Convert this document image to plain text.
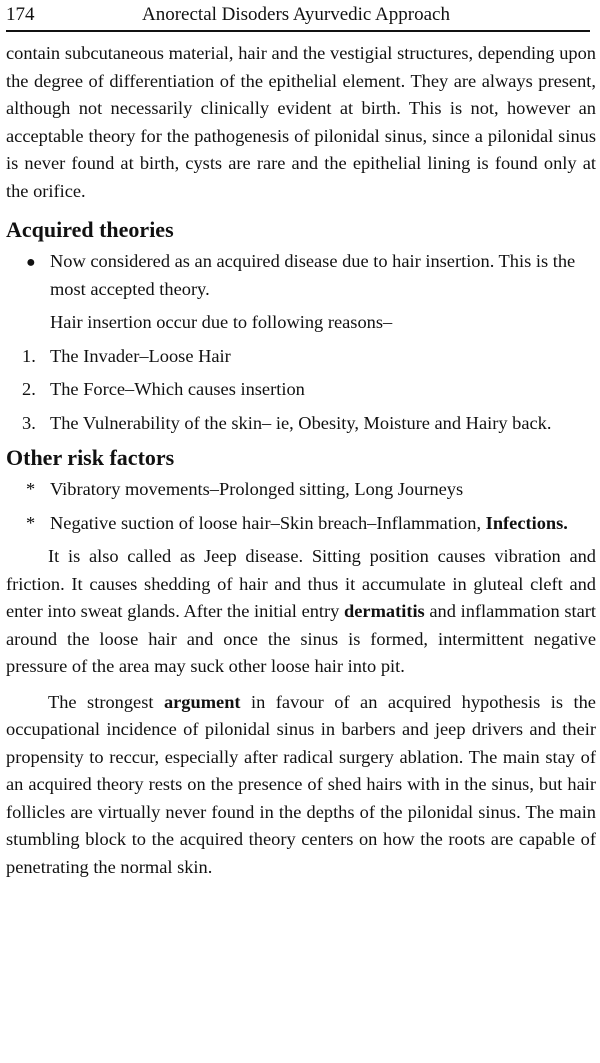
174	Anorectal Disoders Ayurvedic Approach

contain subcutaneous material, hair and the vestigial structures, depending upon the degree of differentiation of the epithelial element. They are always present, although not necessarily clinically evident at birth. This is not, however an acceptable theory for the pathogenesis of pilonidal sinus, since a pilonidal sinus is never found at birth, cysts are rare and the epithelial lining is found only at the orifice.

Acquired theories
● Now considered as an acquired disease due to hair insertion. This is the most accepted theory.
Hair insertion occur due to following reasons–
1. The Invader–Loose Hair
2. The Force–Which causes insertion
3. The Vulnerability of the skin– ie, Obesity, Moisture and Hairy back.
Other risk factors
* Vibratory movements–Prolonged sitting, Long Journeys
* Negative suction of loose hair–Skin breach–Inflammation, Infections.

It is also called as Jeep disease. Sitting position causes vibration and friction. It causes shedding of hair and thus it accumulate in gluteal cleft and enter into sweat glands. After the initial entry dermatitis and inflammation start around the loose hair and once the sinus is formed, intermittent negative pressure of the area may suck other loose hair into pit.

The strongest argument in favour of an acquired hypothesis is the occupational incidence of pilonidal sinus in barbers and jeep drivers and their propensity to reccur, especially after radical surgery ablation. The main stay of an acquired theory rests on the presence of shed hairs with in the sinus, but hair follicles are virtually never found in the depths of the pilonidal sinus. The main stumbling block to the acquired theory centers on how the roots are capable of penetrating the normal skin.
